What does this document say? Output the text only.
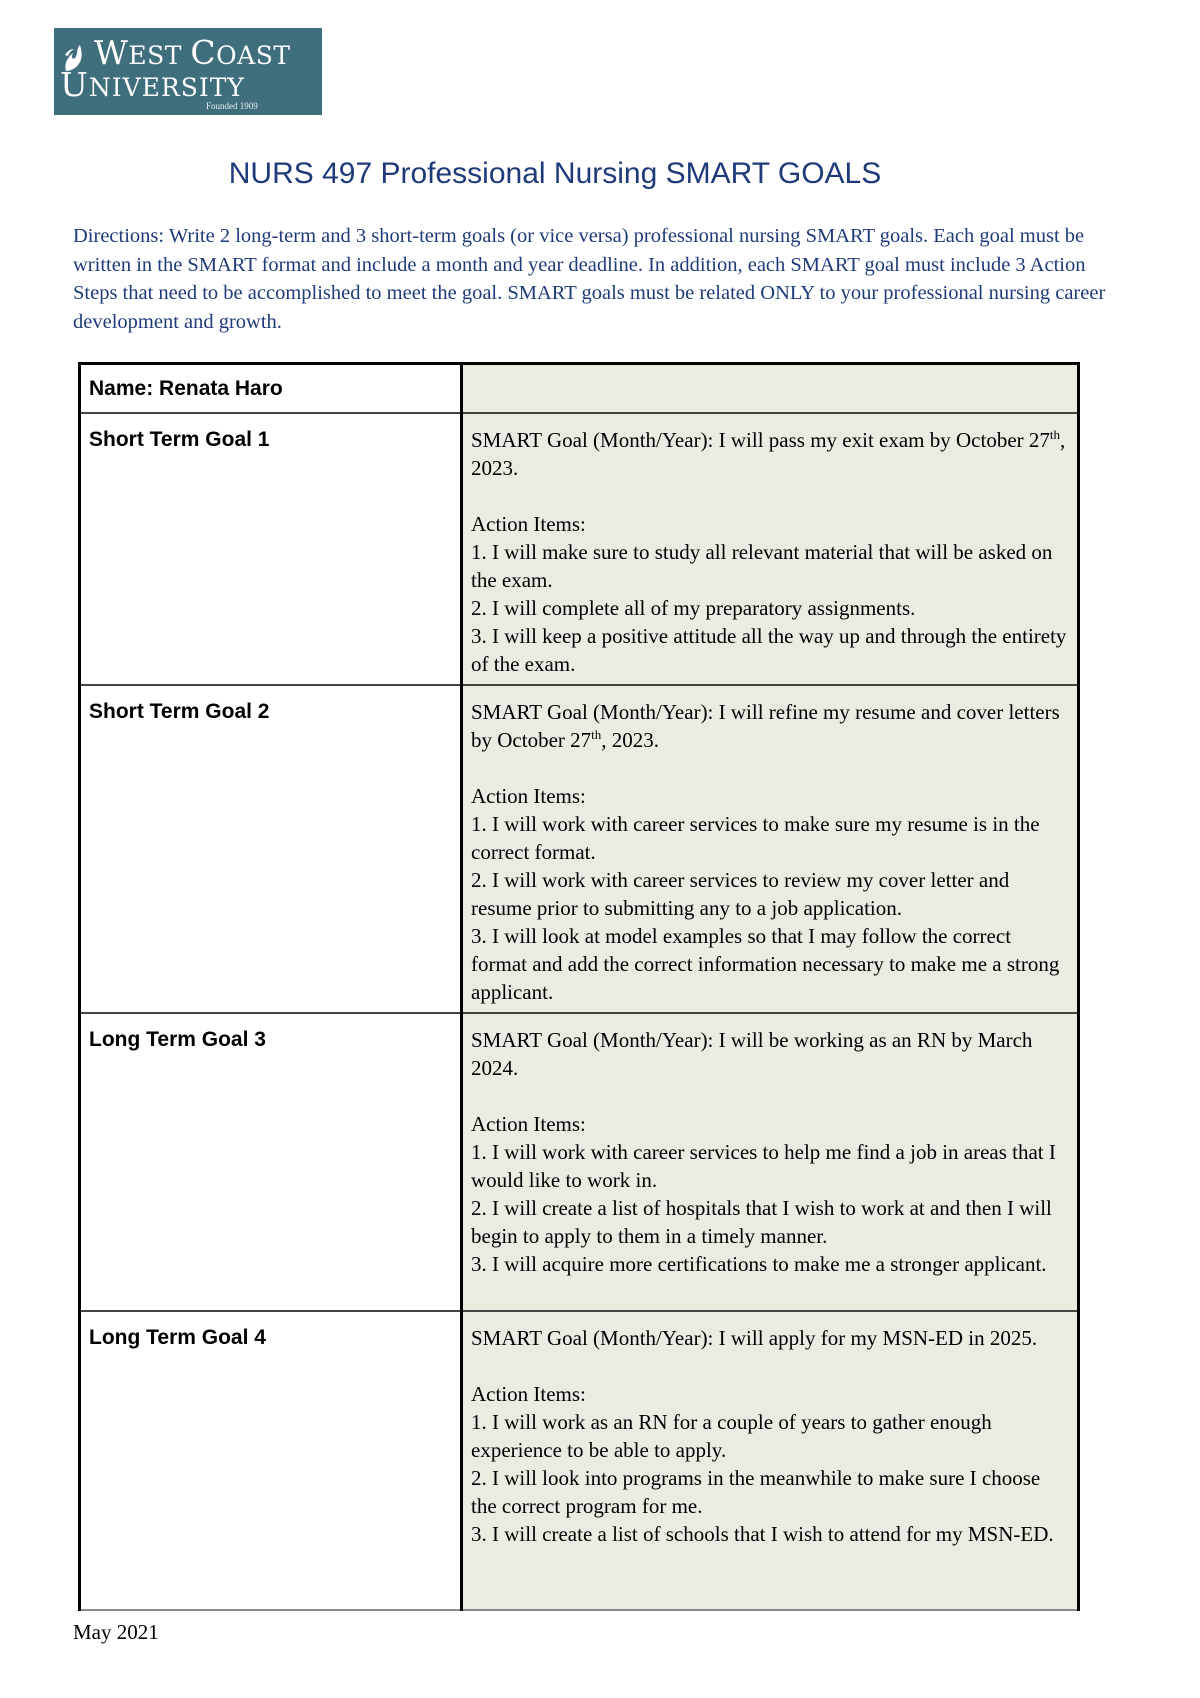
WEST COAST
UNIVERSITY
Founded 1909
NURS 497 Professional Nursing SMART GOALS
Directions: Write 2 long-term and 3 short-term goals (or vice versa) professional nursing SMART goals. Each goal must be written in the SMART format and include a month and year deadline. In addition, each SMART goal must include 3 Action Steps that need to be accomplished to meet the goal. SMART goals must be related ONLY to your professional nursing career development and growth.
Name: Renata Haro	

Short Term Goal 1	SMART Goal (Month/Year): I will pass my exit exam by October 27th, 2023.

Action Items:

1. I will make sure to study all relevant material that will be asked on the exam.

2. I will complete all of my preparatory assignments.

3. I will keep a positive attitude all the way up and through the entirety of the exam.

Short Term Goal 2	SMART Goal (Month/Year): I will refine my resume and cover letters by October 27th, 2023.

Action Items:

1. I will work with career services to make sure my resume is in the correct format.

2. I will work with career services to review my cover letter and resume prior to submitting any to a job application.

3. I will look at model examples so that I may follow the correct format and add the correct information necessary to make me a strong applicant.

Long Term Goal 3	SMART Goal (Month/Year): I will be working as an RN by March 2024.

Action Items:

1. I will work with career services to help me find a job in areas that I would like to work in.

2. I will create a list of hospitals that I wish to work at and then I will begin to apply to them in a timely manner.

3. I will acquire more certifications to make me a stronger applicant.

Long Term Goal 4	SMART Goal (Month/Year): I will apply for my MSN-ED in 2025.

Action Items:

1. I will work as an RN for a couple of years to gather enough experience to be able to apply.

2. I will look into programs in the meanwhile to make sure I choose the correct program for me.

3. I will create a list of schools that I wish to attend for my MSN-ED.

May 2021
